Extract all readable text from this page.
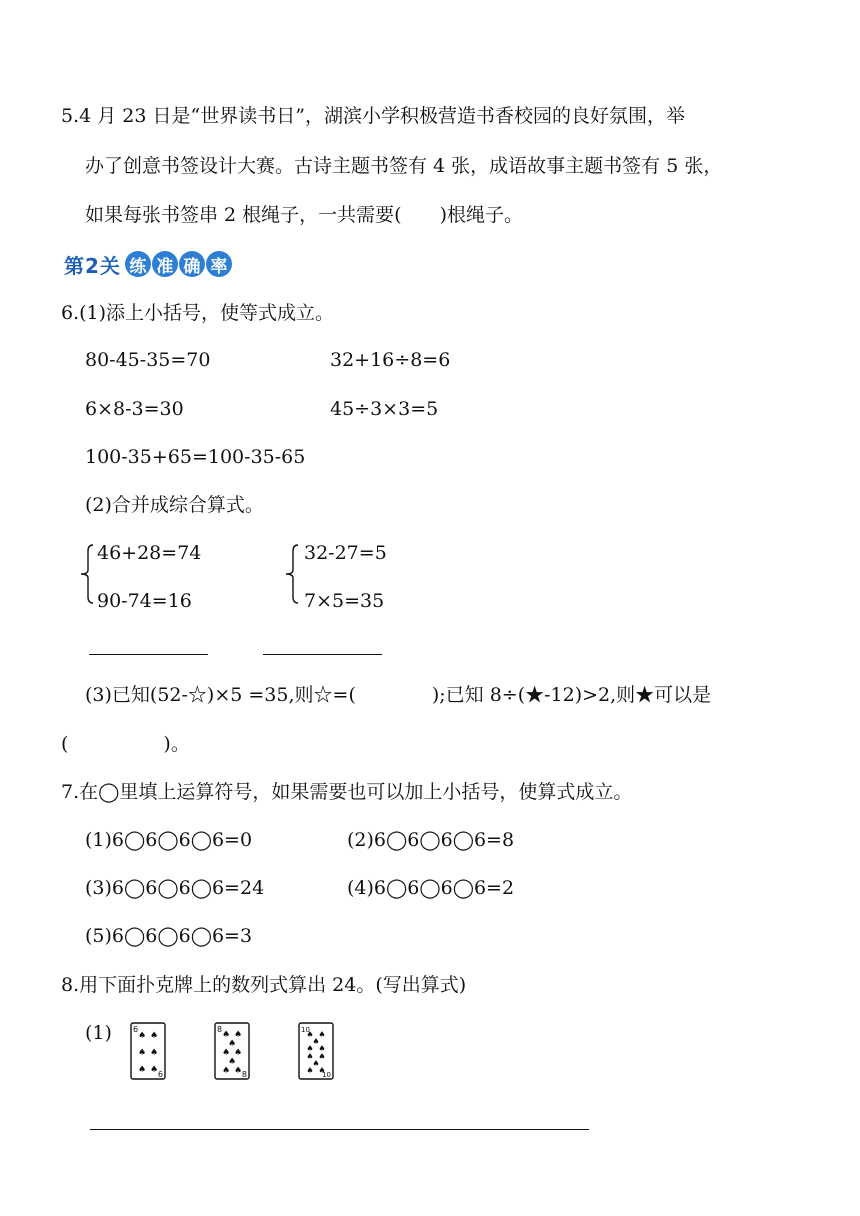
5.4 月 23 日是“世界读书日”，湖滨小学积极营造书香校园的良好氛围，举
办了创意书签设计大赛。古诗主题书签有 4 张，成语故事主题书签有 5 张，
如果每张书签串 2 根绳子，一共需要(　　)根绳子。
第2关 练 准 确 率
6.(1)添上小括号，使等式成立。
80-45-35=70	32+16÷8=6
6×8-3=30	45÷3×3=5
100-35+65=100-35-65
(2)合并成综合算式。
46+28=74
90-74=16
32-27=5
7×5=35
(3)已知(52-☆)×5 =35,则☆=(　　　　);已知 8÷(★-12)>2,则★可以是
(　　　　　)。
7.在◯里填上运算符号，如果需要也可以加上小括号，使算式成立。
(1)6◯6◯6◯6=0	(2)6◯6◯6◯6=8
(3)6◯6◯6◯6=24	(4)6◯6◯6◯6=2
(5)6◯6◯6◯6=3
8.用下面扑克牌上的数列式算出 24。(写出算式)
(1)	6
6
♠ ♠
♠ ♠
♠ ♠
8
8
♠ ♠
♠
♠ ♠
♠
♠ ♠
10
10
♠ ♠
♠
♠ ♠
♠ ♠
♠
♠ ♠
